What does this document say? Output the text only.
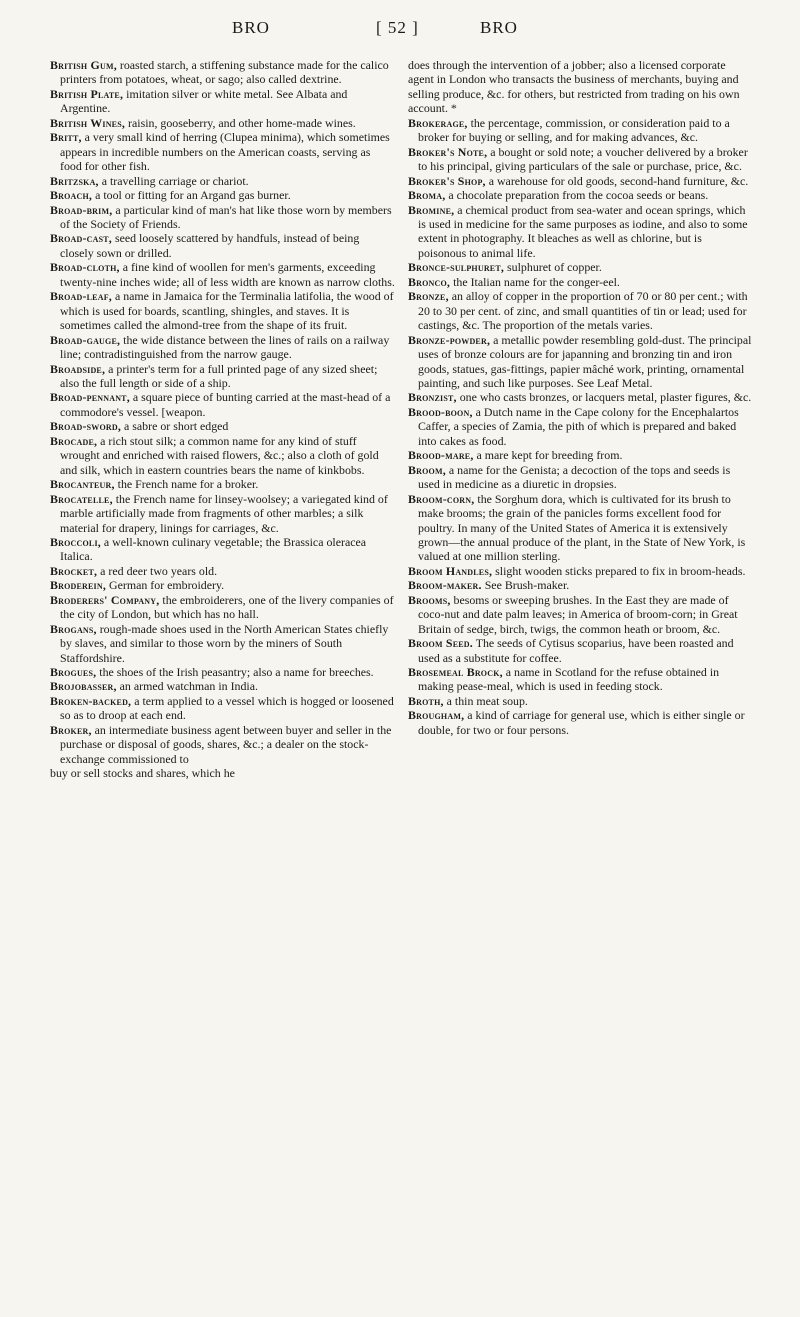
BRO	[ 52 ]	BRO

British Gum, roasted starch, a stiffening substance made for the calico printers from potatoes, wheat, or sago; also called dextrine.

British Plate, imitation silver or white metal. See Albata and Argentine.

British Wines, raisin, gooseberry, and other home-made wines.

Britt, a very small kind of herring (Clupea minima), which sometimes appears in incredible numbers on the American coasts, serving as food for other fish.

Britzska, a travelling carriage or chariot.

Broach, a tool or fitting for an Argand gas burner.

Broad-brim, a particular kind of man's hat like those worn by members of the Society of Friends.

Broad-cast, seed loosely scattered by handfuls, instead of being closely sown or drilled.

Broad-cloth, a fine kind of woollen for men's garments, exceeding twenty-nine inches wide; all of less width are known as narrow cloths.

Broad-leaf, a name in Jamaica for the Terminalia latifolia, the wood of which is used for boards, scantling, shingles, and staves. It is sometimes called the almond-tree from the shape of its fruit.

Broad-gauge, the wide distance between the lines of rails on a railway line; contradistinguished from the narrow gauge.

Broadside, a printer's term for a full printed page of any sized sheet; also the full length or side of a ship.

Broad-pennant, a square piece of bunting carried at the mast-head of a commodore's vessel. [weapon.

Broad-sword, a sabre or short edged

Brocade, a rich stout silk; a common name for any kind of stuff wrought and enriched with raised flowers, &c.; also a cloth of gold and silk, which in eastern countries bears the name of kinkbobs.

Brocanteur, the French name for a broker.

Brocatelle, the French name for linsey-woolsey; a variegated kind of marble artificially made from fragments of other marbles; a silk material for drapery, linings for carriages, &c.

Broccoli, a well-known culinary vegetable; the Brassica oleracea Italica.

Brocket, a red deer two years old.

Broderein, German for embroidery.

Broderers' Company, the embroiderers, one of the livery companies of the city of London, but which has no hall.

Brogans, rough-made shoes used in the North American States chiefly by slaves, and similar to those worn by the miners of South Staffordshire.

Brogues, the shoes of the Irish peasantry; also a name for breeches.

Brojobasser, an armed watchman in India.

Broken-backed, a term applied to a vessel which is hogged or loosened so as to droop at each end.

Broker, an intermediate business agent between buyer and seller in the purchase or disposal of goods, shares, &c.; a dealer on the stock-exchange commissioned to

buy or sell stocks and shares, which he

does through the intervention of a jobber; also a licensed corporate agent in London who transacts the business of merchants, buying and selling produce, &c. for others, but restricted from trading on his own account. *

Brokerage, the percentage, commission, or consideration paid to a broker for buying or selling, and for making advances, &c.

Broker's Note, a bought or sold note; a voucher delivered by a broker to his principal, giving particulars of the sale or purchase, price, &c.

Broker's Shop, a warehouse for old goods, second-hand furniture, &c.

Broma, a chocolate preparation from the cocoa seeds or beans.

Bromine, a chemical product from sea-water and ocean springs, which is used in medicine for the same purposes as iodine, and also to some extent in photography. It bleaches as well as chlorine, but is poisonous to animal life.

Bronce-sulphuret, sulphuret of copper.

Bronco, the Italian name for the conger-eel.

Bronze, an alloy of copper in the proportion of 70 or 80 per cent.; with 20 to 30 per cent. of zinc, and small quantities of tin or lead; used for castings, &c. The proportion of the metals varies.

Bronze-powder, a metallic powder resembling gold-dust. The principal uses of bronze colours are for japanning and bronzing tin and iron goods, statues, gas-fittings, papier mâché work, printing, ornamental painting, and such like purposes. See Leaf Metal.

Bronzist, one who casts bronzes, or lacquers metal, plaster figures, &c.

Brood-boon, a Dutch name in the Cape colony for the Encephalartos Caffer, a species of Zamia, the pith of which is prepared and baked into cakes as food.

Brood-mare, a mare kept for breeding from.

Broom, a name for the Genista; a decoction of the tops and seeds is used in medicine as a diuretic in dropsies.

Broom-corn, the Sorghum dora, which is cultivated for its brush to make brooms; the grain of the panicles forms excellent food for poultry. In many of the United States of America it is extensively grown—the annual produce of the plant, in the State of New York, is valued at one million sterling.

Broom Handles, slight wooden sticks prepared to fix in broom-heads.

Broom-maker. See Brush-maker.

Brooms, besoms or sweeping brushes. In the East they are made of coco-nut and date palm leaves; in America of broom-corn; in Great Britain of sedge, birch, twigs, the common heath or broom, &c.

Broom Seed. The seeds of Cytisus scoparius, have been roasted and used as a substitute for coffee.

Brosemeal Brock, a name in Scotland for the refuse obtained in making pease-meal, which is used in feeding stock.

Broth, a thin meat soup.

Brougham, a kind of carriage for general use, which is either single or double, for two or four persons.
